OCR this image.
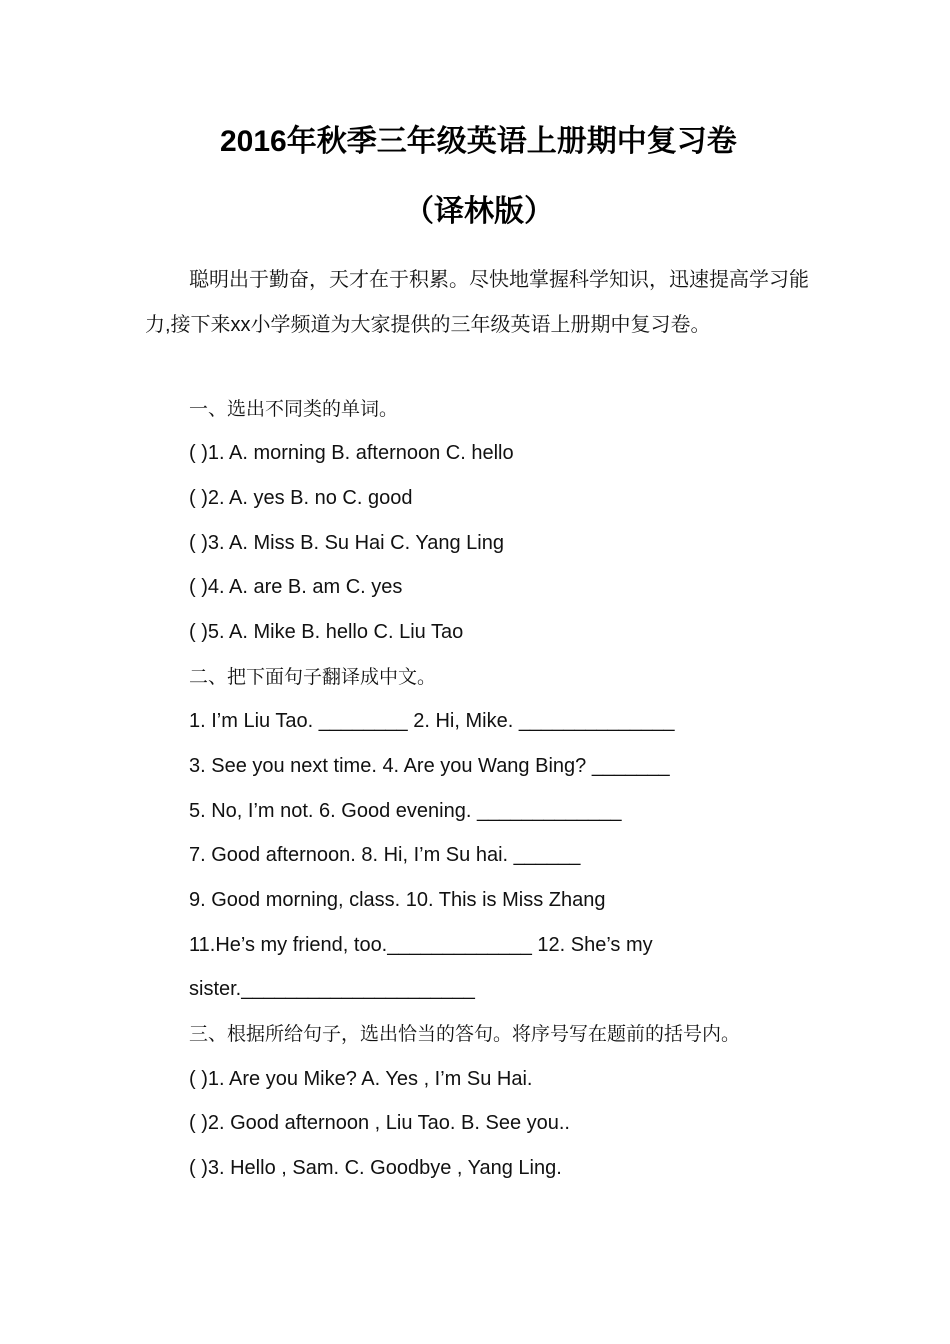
2016年秋季三年级英语上册期中复习卷
（译林版）

聪明出于勤奋，天才在于积累。尽快地掌握科学知识，迅速提高学习能力,接下来xx小学频道为大家提供的三年级英语上册期中复习卷。

一、选出不同类的单词。

( )1. A. morning B. afternoon C. hello

( )2. A. yes B. no C. good

( )3. A. Miss B. Su Hai C. Yang Ling

( )4. A. are B. am C. yes

( )5. A. Mike B. hello C. Liu Tao

二、把下面句子翻译成中文。

1. I’m Liu Tao. ________ 2. Hi, Mike. ______________

3. See you next time. 4. Are you Wang Bing? _______

5. No, I’m not. 6. Good evening. _____________

7. Good afternoon. 8. Hi, I’m Su hai. ______

9. Good morning, class. 10. This is Miss Zhang

11.He’s my friend, too._____________ 12. She’s my

sister._____________________

三、根据所给句子，选出恰当的答句。将序号写在题前的括号内。

( )1. Are you Mike? A. Yes , I’m Su Hai.

( )2. Good afternoon , Liu Tao. B. See you..

( )3. Hello , Sam. C. Goodbye , Yang Ling.
